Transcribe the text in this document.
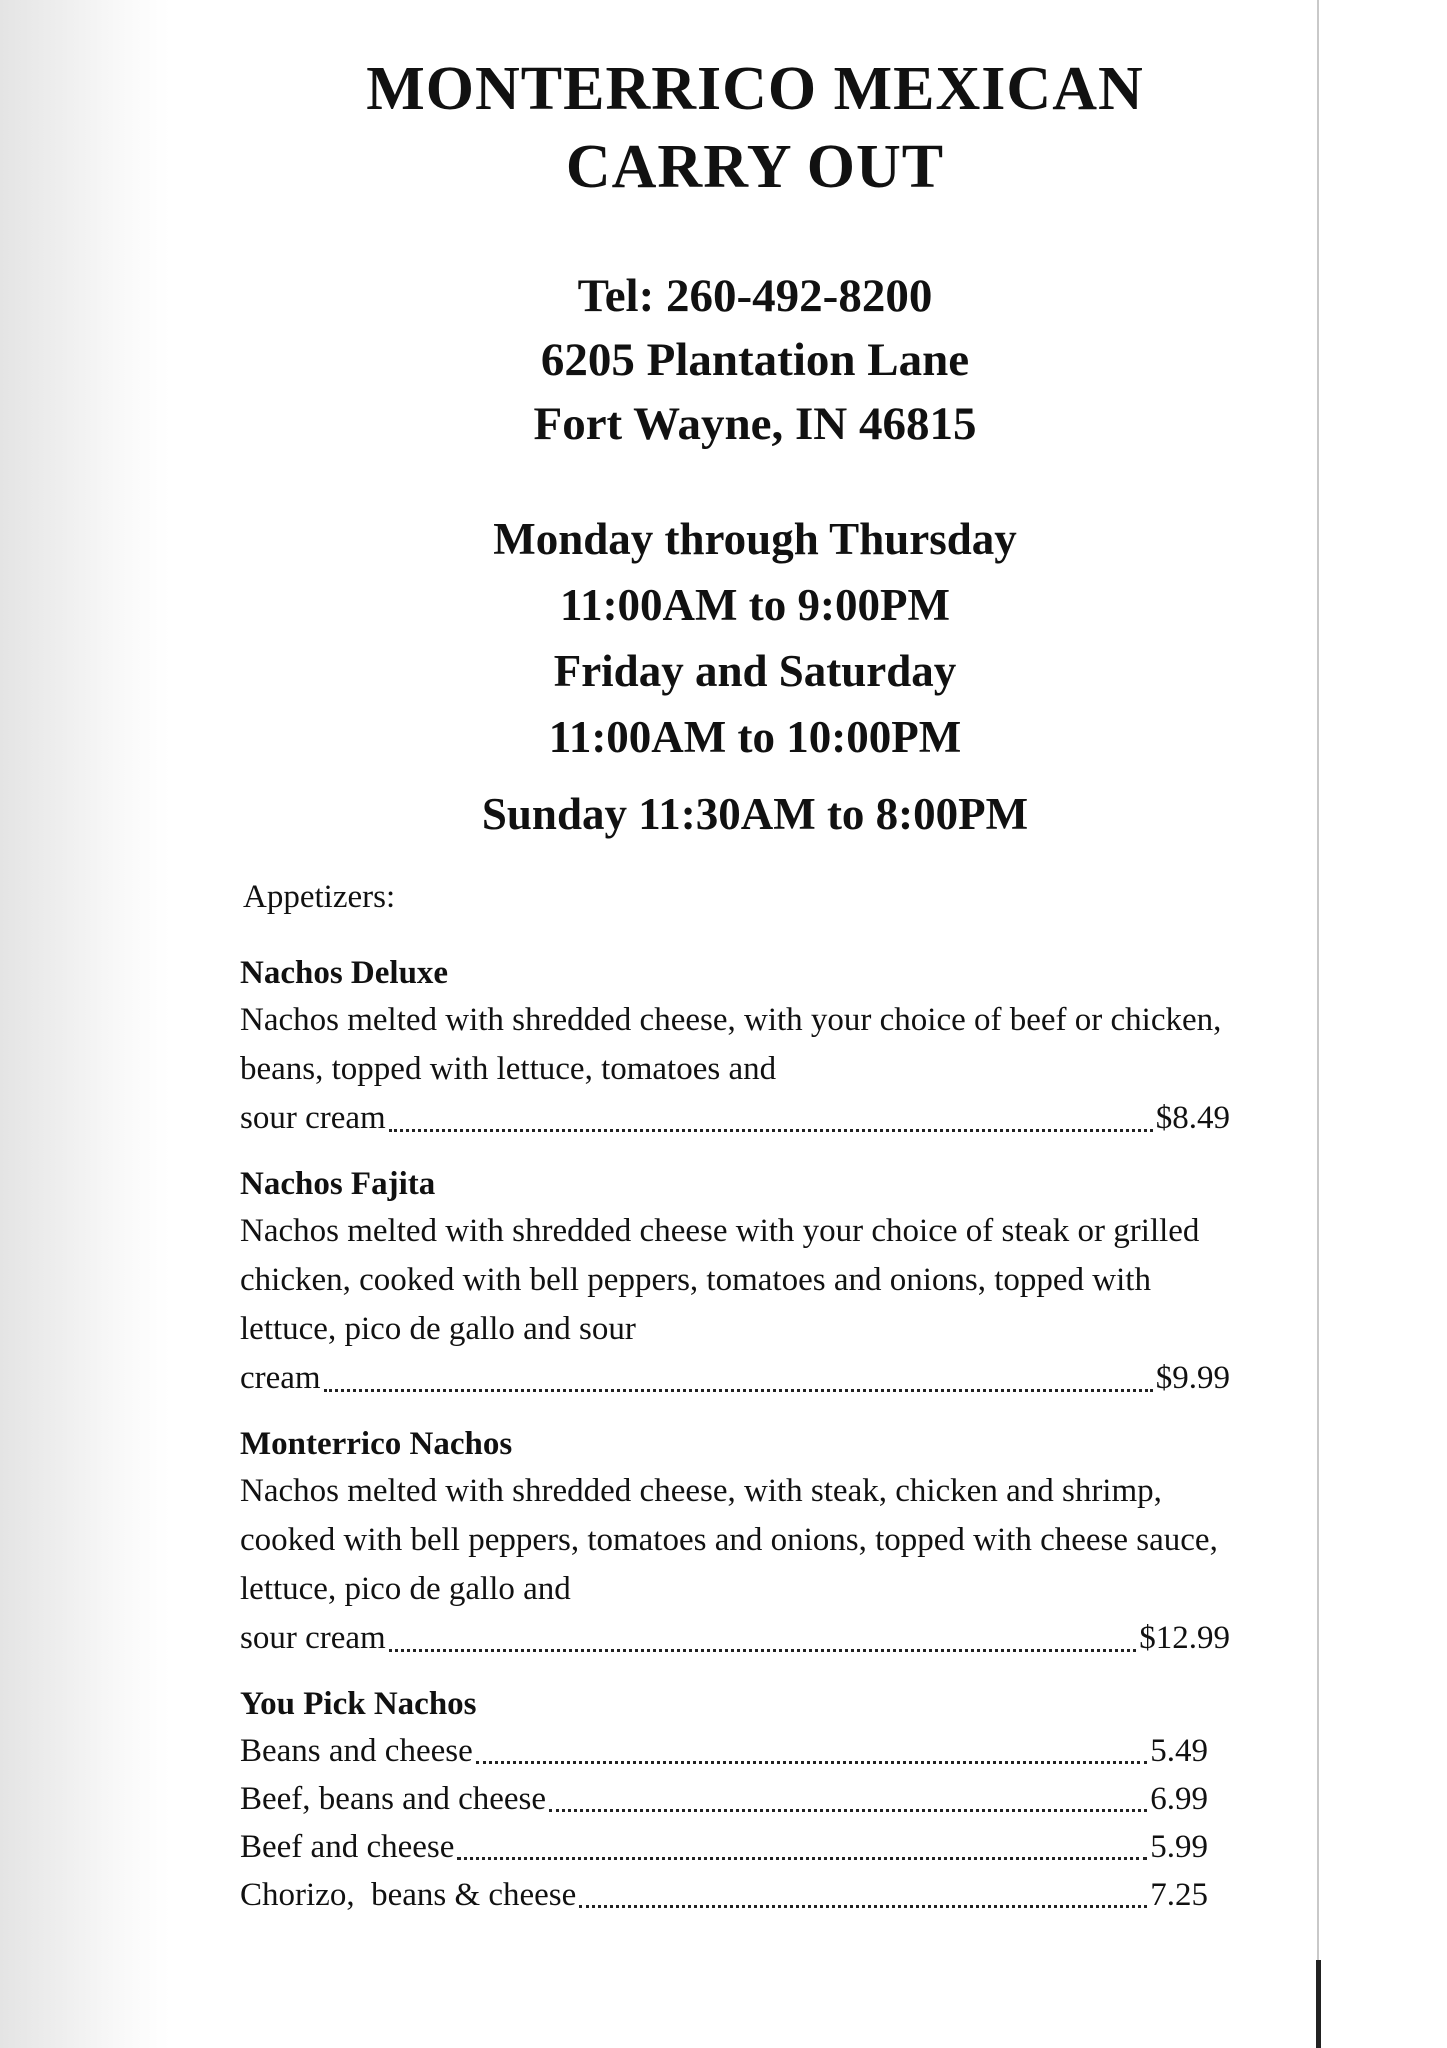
MONTERRICO MEXICAN
CARRY OUT
Tel: 260-492-8200
6205 Plantation Lane
Fort Wayne, IN 46815
Monday through Thursday
11:00AM to 9:00PM
Friday and Saturday
11:00AM to 10:00PM
Sunday 11:30AM to 8:00PM
Appetizers:
Nachos Deluxe
Nachos melted with shredded cheese, with your choice of beef or chicken, beans, topped with lettuce, tomatoes and
sour cream	$8.49
Nachos Fajita
Nachos melted with shredded cheese with your choice of steak or grilled chicken, cooked with bell peppers, tomatoes and onions, topped with lettuce, pico de gallo and sour
cream	$9.99
Monterrico Nachos
Nachos melted with shredded cheese, with steak, chicken and shrimp, cooked with bell peppers, tomatoes and onions, topped with cheese sauce, lettuce, pico de gallo and
sour cream	$12.99
You Pick Nachos
Beans and cheese	5.49
Beef, beans and cheese	6.99
Beef and cheese	5.99
Chorizo,  beans & cheese	7.25
